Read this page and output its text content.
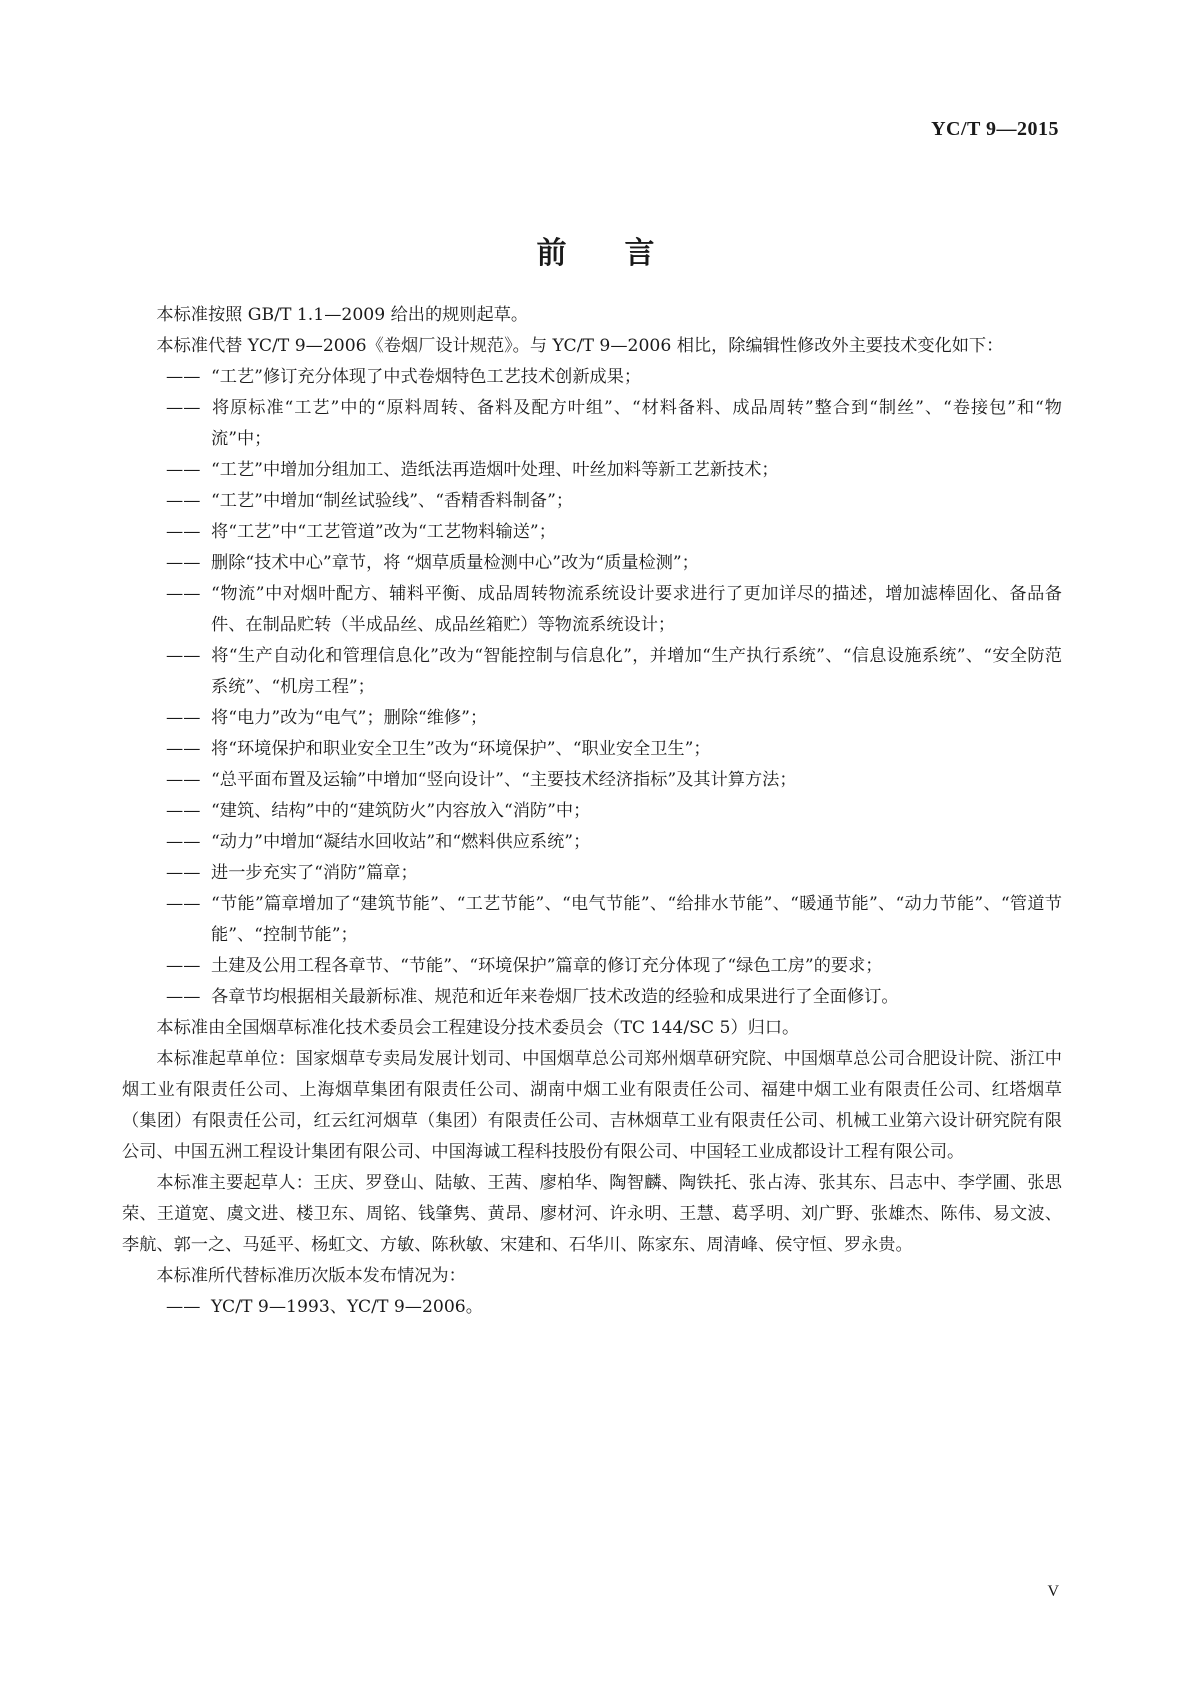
YC/T 9—2015
前言

本标准按照 GB/T 1.1—2009 给出的规则起草。

本标准代替 YC/T 9—2006《卷烟厂设计规范》。与 YC/T 9—2006 相比，除编辑性修改外主要技术变化如下：

—— “工艺”修订充分体现了中式卷烟特色工艺技术创新成果；

—— 将原标准“工艺”中的“原料周转、备料及配方叶组”、“材料备料、成品周转”整合到“制丝”、“卷接包”和“物流”中；

—— “工艺”中增加分组加工、造纸法再造烟叶处理、叶丝加料等新工艺新技术；

—— “工艺”中增加“制丝试验线”、“香精香料制备”；

—— 将“工艺”中“工艺管道”改为“工艺物料输送”；

—— 删除“技术中心”章节，将 “烟草质量检测中心”改为“质量检测”；

—— “物流”中对烟叶配方、辅料平衡、成品周转物流系统设计要求进行了更加详尽的描述，增加滤棒固化、备品备件、在制品贮转（半成品丝、成品丝箱贮）等物流系统设计；

—— 将“生产自动化和管理信息化”改为“智能控制与信息化”，并增加“生产执行系统”、“信息设施系统”、“安全防范系统”、“机房工程”；

—— 将“电力”改为“电气”；删除“维修”；

—— 将“环境保护和职业安全卫生”改为“环境保护”、“职业安全卫生”；

—— “总平面布置及运输”中增加“竖向设计”、“主要技术经济指标”及其计算方法；

—— “建筑、结构”中的“建筑防火”内容放入“消防”中；

—— “动力”中增加“凝结水回收站”和“燃料供应系统”；

—— 进一步充实了“消防”篇章；

—— “节能”篇章增加了“建筑节能”、“工艺节能”、“电气节能”、“给排水节能”、“暖通节能”、“动力节能”、“管道节能”、“控制节能”；

—— 土建及公用工程各章节、“节能”、“环境保护”篇章的修订充分体现了“绿色工房”的要求；

—— 各章节均根据相关最新标准、规范和近年来卷烟厂技术改造的经验和成果进行了全面修订。

本标准由全国烟草标准化技术委员会工程建设分技术委员会（TC 144/SC 5）归口。

本标准起草单位：国家烟草专卖局发展计划司、中国烟草总公司郑州烟草研究院、中国烟草总公司合肥设计院、浙江中烟工业有限责任公司、上海烟草集团有限责任公司、湖南中烟工业有限责任公司、福建中烟工业有限责任公司、红塔烟草（集团）有限责任公司，红云红河烟草（集团）有限责任公司、吉林烟草工业有限责任公司、机械工业第六设计研究院有限公司、中国五洲工程设计集团有限公司、中国海诚工程科技股份有限公司、中国轻工业成都设计工程有限公司。

本标准主要起草人：王庆、罗登山、陆敏、王茜、廖柏华、陶智麟、陶铁托、张占涛、张其东、吕志中、李学圃、张思荣、王道宽、虞文进、楼卫东、周铭、钱肇隽、黄昂、廖材河、许永明、王慧、葛孚明、刘广野、张雄杰、陈伟、易文波、李航、郭一之、马延平、杨虹文、方敏、陈秋敏、宋建和、石华川、陈家东、周清峰、侯守恒、罗永贵。

本标准所代替标准历次版本发布情况为：

—— YC/T 9—1993、YC/T 9—2006。

V
